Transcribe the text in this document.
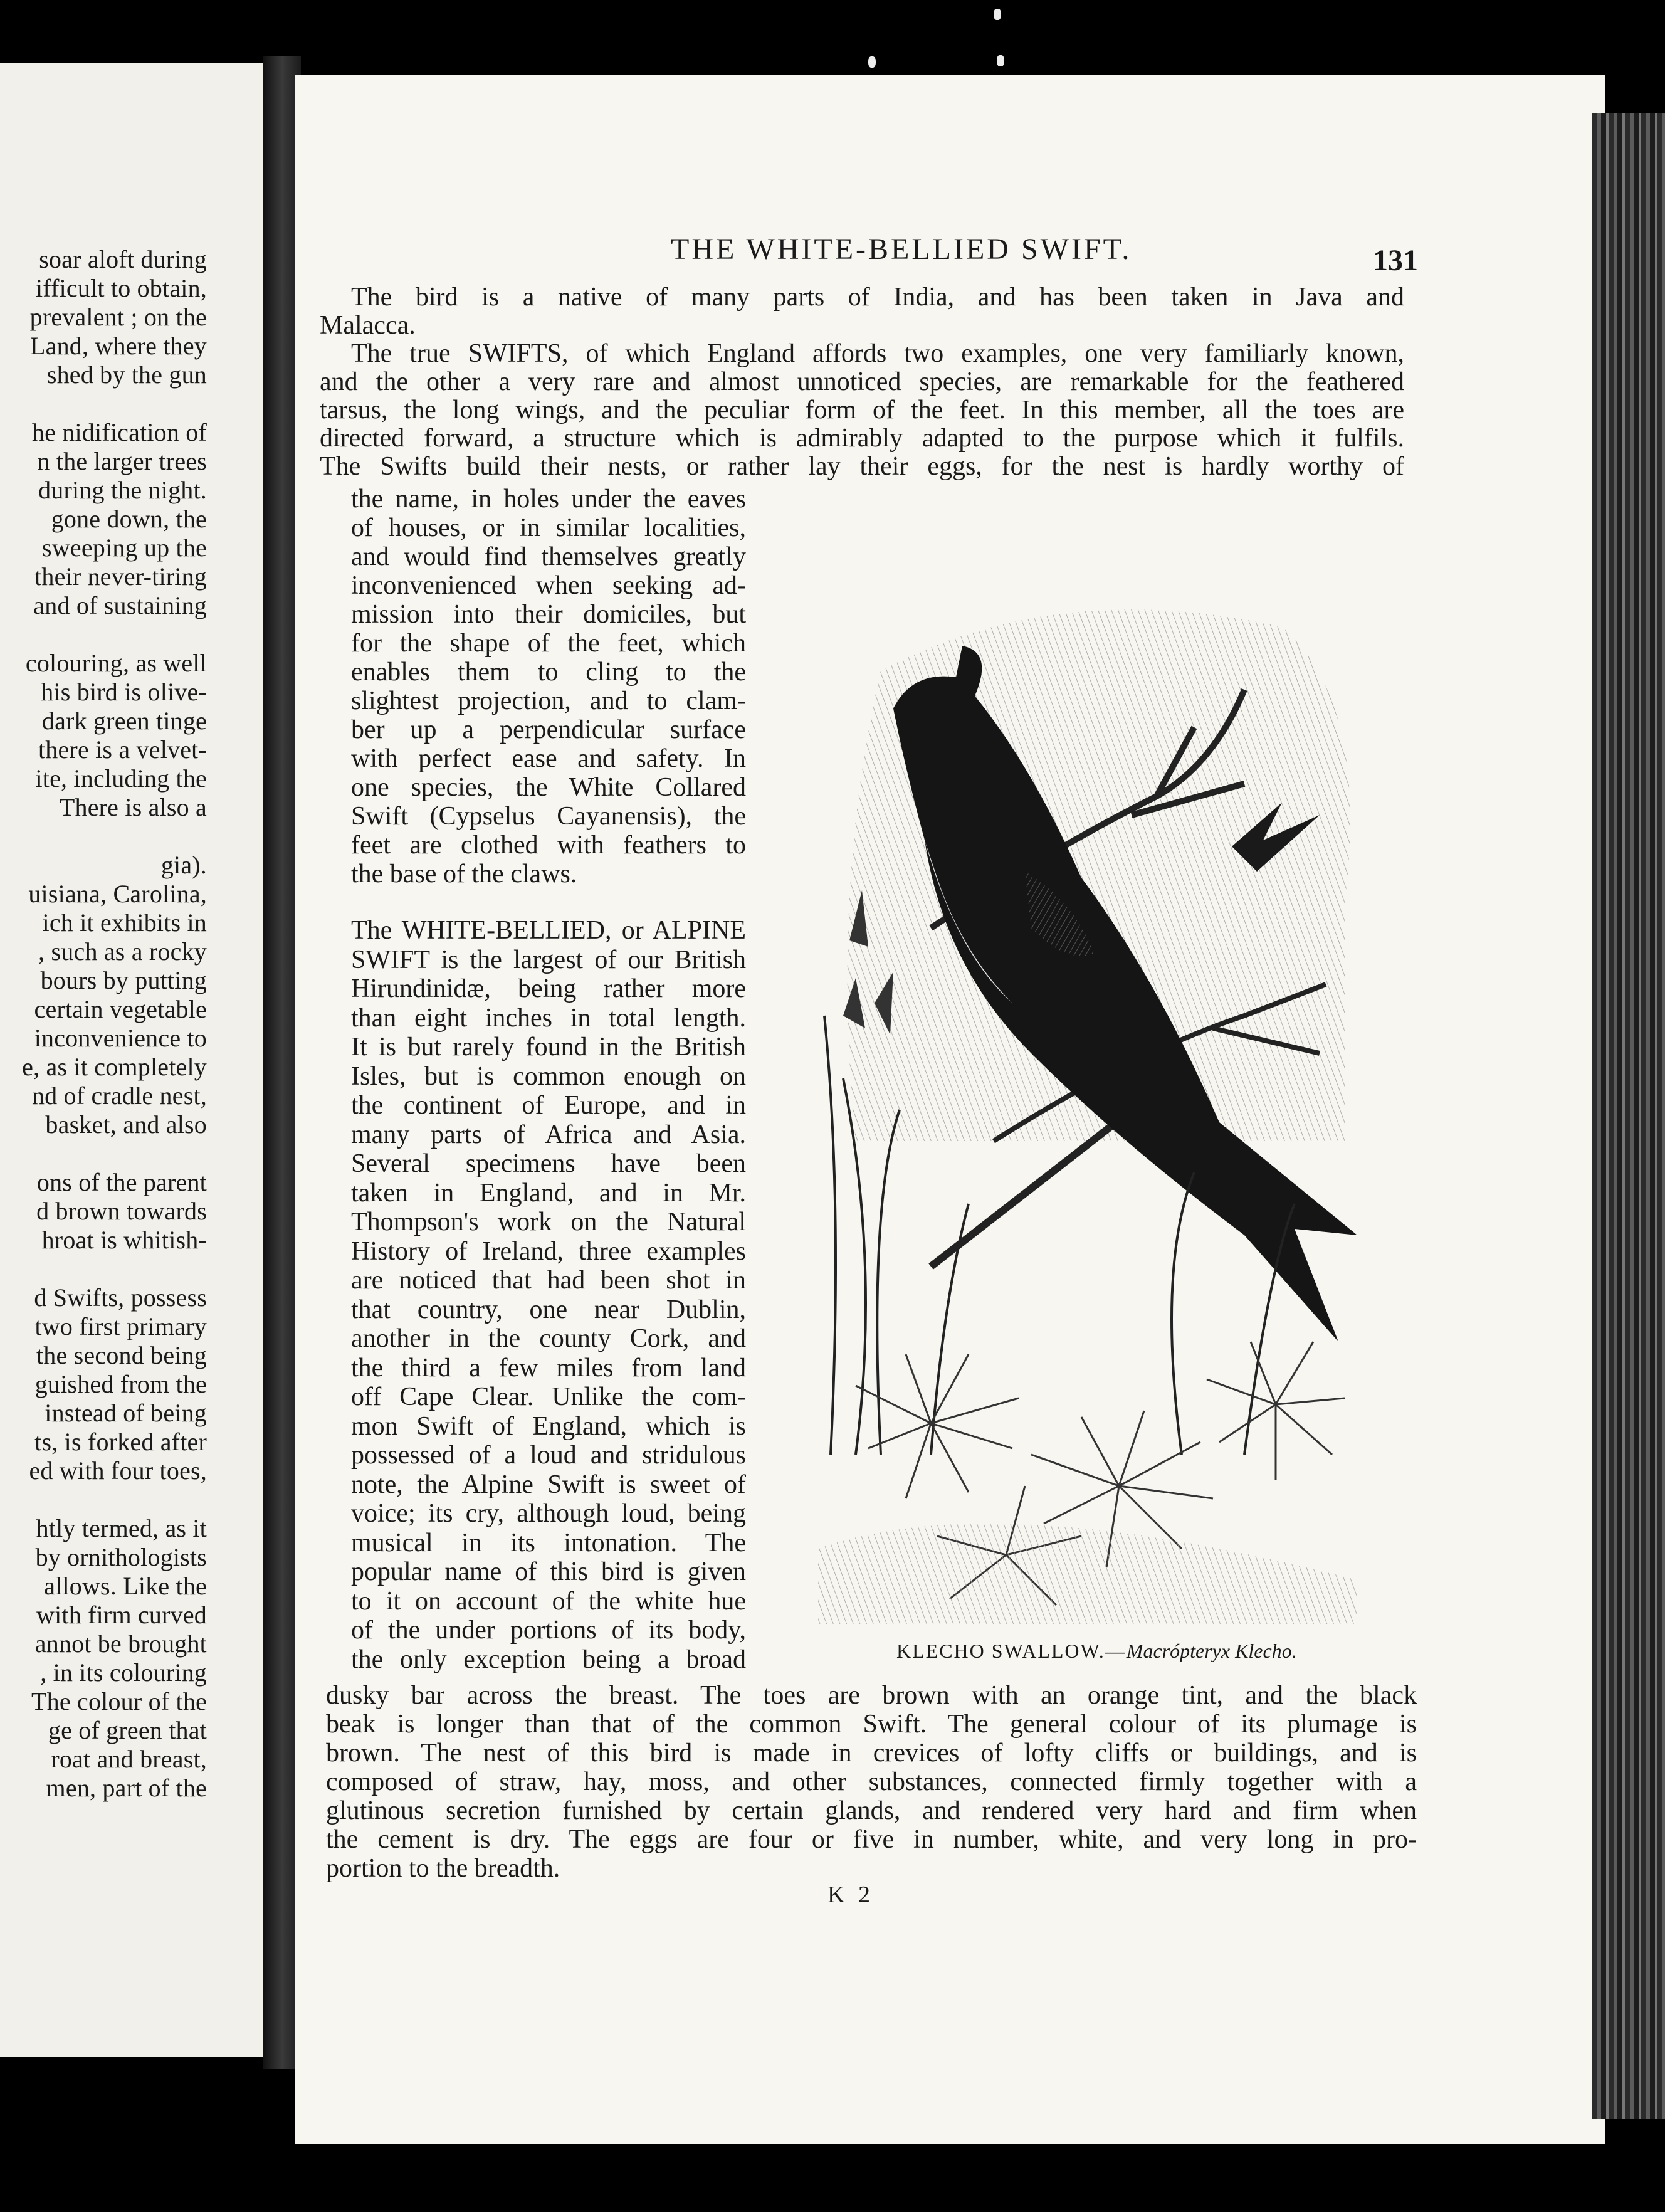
soar aloft during
ifficult to obtain,
prevalent ; on the
Land, where they
shed by the gun
he nidification of
n the larger trees
during the night.
gone down, the
sweeping up the
their never-tiring
and of sustaining
colouring, as well
his bird is olive-
dark green tinge
there is a velvet-
ite, including the
There is also a
gia).
uisiana, Carolina,
ich it exhibits in
, such as a rocky
bours by putting
certain vegetable
inconvenience to
e, as it completely
nd of cradle nest,
basket, and also
ons of the parent
d brown towards
hroat is whitish-
d Swifts, possess
two first primary
the second being
guished from the
instead of being
ts, is forked after
ed with four toes,
htly termed, as it
by ornithologists
allows. Like the
with firm curved
annot be brought
, in its colouring
The colour of the
ge of green that
roat and breast,
men, part of the
THE WHITE-BELLIED SWIFT.	131
The bird is a native of many parts of India, and has been taken in Java and
Malacca.
The true SWIFTS, of which England affords two examples, one very familiarly known,
and the other a very rare and almost unnoticed species, are remarkable for the feathered
tarsus, the long wings, and the peculiar form of the feet. In this member, all the toes are
directed forward, a structure which is admirably adapted to the purpose which it fulfils.
The Swifts build their nests, or rather lay their eggs, for the nest is hardly worthy of
the name, in holes under the eaves
of houses, or in similar localities,
and would find themselves greatly
inconvenienced when seeking ad-
mission into their domiciles, but
for the shape of the feet, which
enables them to cling to the
slightest projection, and to clam-
ber up a perpendicular surface
with perfect ease and safety. In
one species, the White Collared
Swift (Cypselus Cayanensis), the
feet are clothed with feathers to
the base of the claws.
The WHITE-BELLIED, or ALPINE
SWIFT is the largest of our British
Hirundinidæ, being rather more
than eight inches in total length.
It is but rarely found in the British
Isles, but is common enough on
the continent of Europe, and in
many parts of Africa and Asia.
Several specimens have been
taken in England, and in Mr.
Thompson's work on the Natural
History of Ireland, three examples
are noticed that had been shot in
that country, one near Dublin,
another in the county Cork, and
the third a few miles from land
off Cape Clear. Unlike the com-
mon Swift of England, which is
possessed of a loud and stridulous
note, the Alpine Swift is sweet of
voice; its cry, although loud, being
musical in its intonation. The
popular name of this bird is given
to it on account of the white hue
of the under portions of its body,
the only exception being a broad
dusky bar across the breast. The toes are brown with an orange tint, and the black
beak is longer than that of the common Swift. The general colour of its plumage is
brown. The nest of this bird is made in crevices of lofty cliffs or buildings, and is
composed of straw, hay, moss, and other substances, connected firmly together with a
glutinous secretion furnished by certain glands, and rendered very hard and firm when
the cement is dry. The eggs are four or five in number, white, and very long in pro-
portion to the breadth.
KLECHO SWALLOW.—Macrópteryx Klecho.
K 2
